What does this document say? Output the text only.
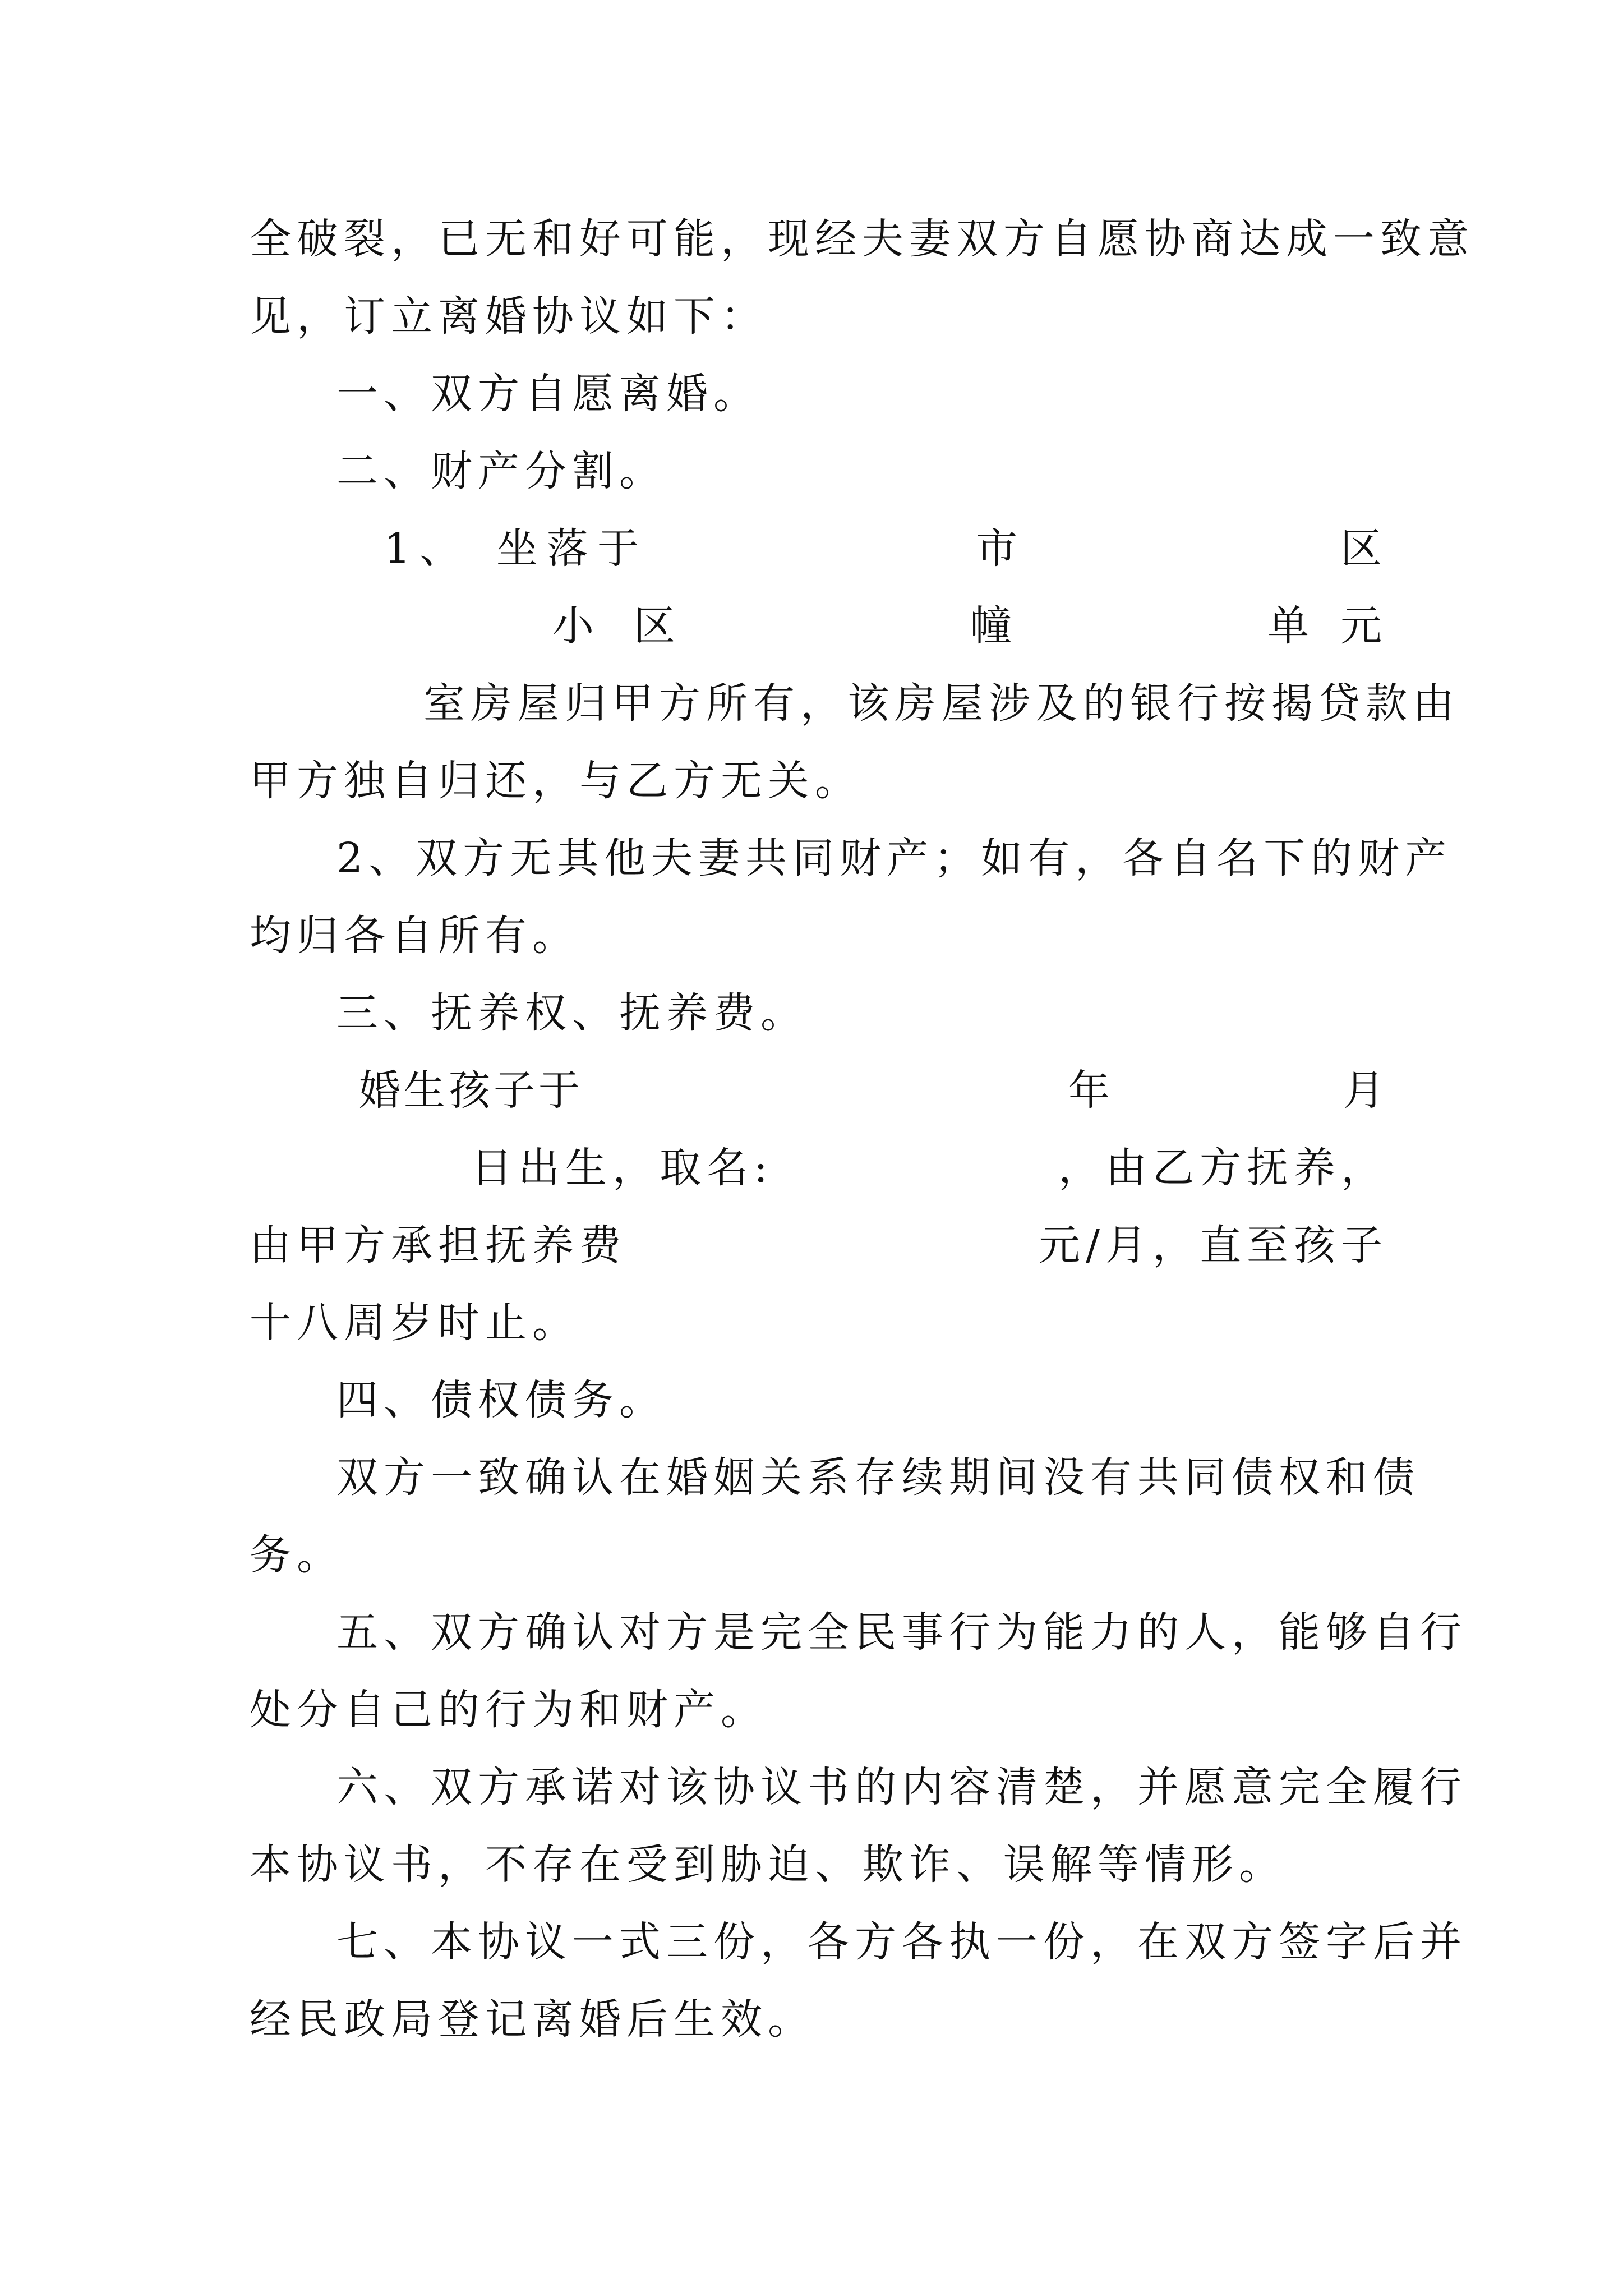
全破裂，已无和好可能，现经夫妻双方自愿协商达成一致意
见，订立离婚协议如下：
一、双方自愿离婚。
二、财产分割。
1 、 坐 落 于	市	区
小 区	幢	单 元
室房屋归甲方所有，该房屋涉及的银行按揭贷款由
甲方独自归还，与乙方无关。
2、双方无其他夫妻共同财产；如有，各自名下的财产
均归各自所有。
三、抚养权、抚养费。
婚
生
孩
子
于	年	月
日出生，取名:	，由乙方抚养，
由甲方承担抚养费	元/月，直至孩子
十八周岁时止。
四、债权债务。
双方一致确认在婚姻关系存续期间没有共同债权和债
务。
五、双方确认对方是完全民事行为能力的人，能够自行
处分自己的行为和财产。
六、双方承诺对该协议书的内容清楚，并愿意完全履行
本协议书，不存在受到胁迫、欺诈、误解等情形。
七、本协议一式三份，各方各执一份，在双方签字后并
经民政局登记离婚后生效。
